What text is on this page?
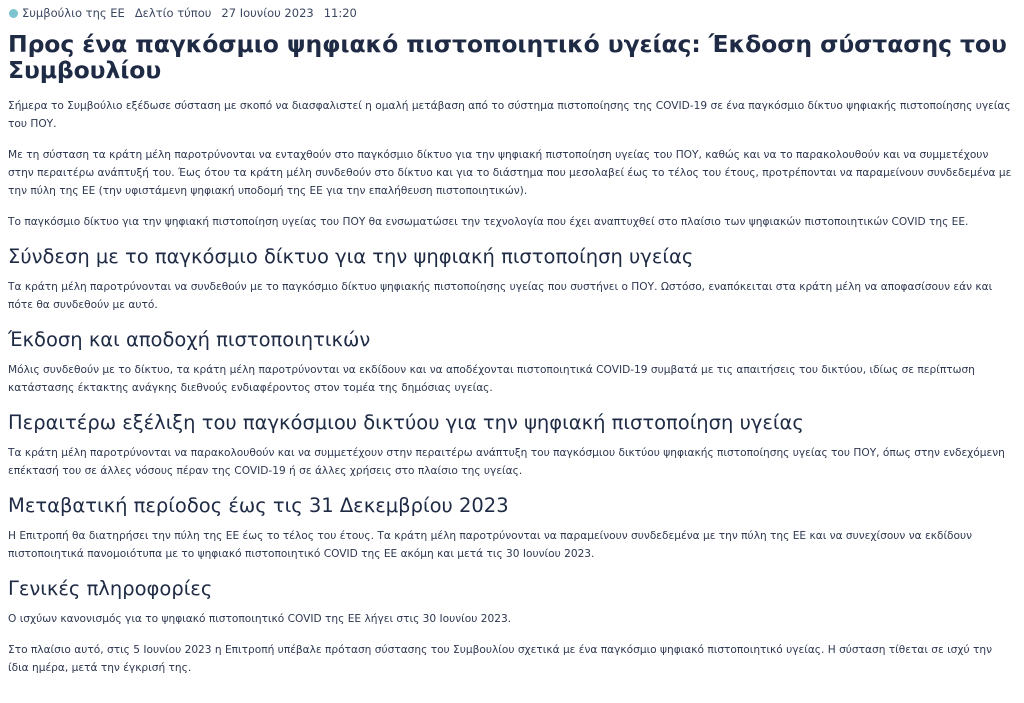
Συμβούλιο της ΕΕ Δελτίο τύπου 27 Ιουνίου 2023 11:20
Προς ένα παγκόσμιο ψηφιακό πιστοποιητικό υγείας: Έκδοση σύστασης του Συμβουλίου

Σήμερα το Συμβούλιο εξέδωσε σύσταση με σκοπό να διασφαλιστεί η ομαλή μετάβαση από το σύστημα πιστοποίησης της COVID-19 σε ένα παγκόσμιο δίκτυο ψηφιακής πιστοποίησης υγείας του ΠΟΥ.

Με τη σύσταση τα κράτη μέλη παροτρύνονται να ενταχθούν στο παγκόσμιο δίκτυο για την ψηφιακή πιστοποίηση υγείας του ΠΟΥ, καθώς και να το παρακολουθούν και να συμμετέχουν στην περαιτέρω ανάπτυξή του. Έως ότου τα κράτη μέλη συνδεθούν στο δίκτυο και για το διάστημα που μεσολαβεί έως το τέλος του έτους, προτρέπονται να παραμείνουν συνδεδεμένα με την πύλη της ΕΕ (την υφιστάμενη ψηφιακή υποδομή της ΕΕ για την επαλήθευση πιστοποιητικών).

Το παγκόσμιο δίκτυο για την ψηφιακή πιστοποίηση υγείας του ΠΟΥ θα ενσωματώσει την τεχνολογία που έχει αναπτυχθεί στο πλαίσιο των ψηφιακών πιστοποιητικών COVID της ΕΕ.

Σύνδεση με το παγκόσμιο δίκτυο για την ψηφιακή πιστοποίηση υγείας

Τα κράτη μέλη παροτρύνονται να συνδεθούν με το παγκόσμιο δίκτυο ψηφιακής πιστοποίησης υγείας που συστήνει ο ΠΟΥ. Ωστόσο, εναπόκειται στα κράτη μέλη να αποφασίσουν εάν και πότε θα συνδεθούν με αυτό.

Έκδοση και αποδοχή πιστοποιητικών

Μόλις συνδεθούν με το δίκτυο, τα κράτη μέλη παροτρύνονται να εκδίδουν και να αποδέχονται πιστοποιητικά COVID-19 συμβατά με τις απαιτήσεις του δικτύου, ιδίως σε περίπτωση κατάστασης έκτακτης ανάγκης διεθνούς ενδιαφέροντος στον τομέα της δημόσιας υγείας.

Περαιτέρω εξέλιξη του παγκόσμιου δικτύου για την ψηφιακή πιστοποίηση υγείας

Τα κράτη μέλη παροτρύνονται να παρακολουθούν και να συμμετέχουν στην περαιτέρω ανάπτυξη του παγκόσμιου δικτύου ψηφιακής πιστοποίησης υγείας του ΠΟΥ, όπως στην ενδεχόμενη επέκτασή του σε άλλες νόσους πέραν της COVID-19 ή σε άλλες χρήσεις στο πλαίσιο της υγείας.

Μεταβατική περίοδος έως τις 31 Δεκεμβρίου 2023

Η Επιτροπή θα διατηρήσει την πύλη της ΕΕ έως το τέλος του έτους. Τα κράτη μέλη παροτρύνονται να παραμείνουν συνδεδεμένα με την πύλη της ΕΕ και να συνεχίσουν να εκδίδουν πιστοποιητικά πανομοιότυπα με το ψηφιακό πιστοποιητικό COVID της ΕΕ ακόμη και μετά τις 30 Ιουνίου 2023.

Γενικές πληροφορίες

Ο ισχύων κανονισμός για το ψηφιακό πιστοποιητικό COVID της ΕΕ λήγει στις 30 Ιουνίου 2023.

Στο πλαίσιο αυτό, στις 5 Ιουνίου 2023 η Επιτροπή υπέβαλε πρόταση σύστασης του Συμβουλίου σχετικά με ένα παγκόσμιο ψηφιακό πιστοποιητικό υγείας. Η σύσταση τίθεται σε ισχύ την ίδια ημέρα, μετά την έγκρισή της.
